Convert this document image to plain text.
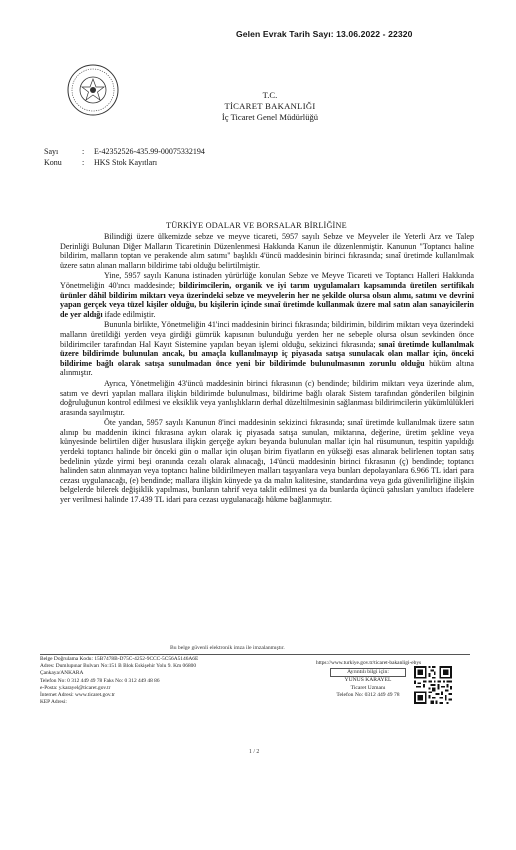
Gelen Evrak Tarih Sayı: 13.06.2022 - 22320
T.C.
TİCARET BAKANLIĞI
İç Ticaret Genel Müdürlüğü
Sayı	: E-42352526-435.99-00075332194
Konu	: HKS Stok Kayıtları
TÜRKİYE ODALAR VE BORSALAR BİRLİĞİNE

Bilindiği üzere ülkemizde sebze ve meyve ticareti, 5957 sayılı Sebze ve Meyveler ile Yeterli Arz ve Talep Derinliği Bulunan Diğer Malların Ticaretinin Düzenlenmesi Hakkında Kanun ile düzenlenmiştir. Kanunun "Toptancı haline bildirim, malların toptan ve perakende alım satımı" başlıklı 4'üncü maddesinin birinci fıkrasında; sınaî üretimde kullanılmak üzere satın alınan malların bildirime tabi olduğu belirtilmiştir.

Yine, 5957 sayılı Kanuna istinaden yürürlüğe konulan Sebze ve Meyve Ticareti ve Toptancı Halleri Hakkında Yönetmeliğin 40'ıncı maddesinde; bildirimcilerin, organik ve iyi tarım uygulamaları kapsamında üretilen sertifikalı ürünler dâhil bildirim miktarı veya üzerindeki sebze ve meyvelerin her ne şekilde olursa olsun alımı, satımı ve devrini yapan gerçek veya tüzel kişiler olduğu, bu kişilerin içinde sınaî üretimde kullanmak üzere mal satın alan sanayicilerin de yer aldığı ifade edilmiştir.

Bununla birlikte, Yönetmeliğin 41'inci maddesinin birinci fıkrasında; bildirimin, bildirim miktarı veya üzerindeki malların üretildiği yerden veya girdiği gümrük kapısının bulunduğu yerden her ne sebeple olursa olsun sevkinden önce bildirimciler tarafından Hal Kayıt Sistemine yapılan beyan işlemi olduğu, sekizinci fıkrasında; sınaî üretimde kullanılmak üzere bildirimde bulunulan ancak, bu amaçla kullanılmayıp iç piyasada satışa sunulacak olan mallar için, önceki bildirime bağlı olarak satışa sunulmadan önce yeni bir bildirimde bulunulmasının zorunlu olduğu hüküm altına alınmıştır.

Ayrıca, Yönetmeliğin 43'üncü maddesinin birinci fıkrasının (c) bendinde; bildirim miktarı veya üzerinde alım, satım ve devri yapılan mallara ilişkin bildirimde bulunulması, bildirime bağlı olarak Sistem tarafından gönderilen bilginin doğruluğunun kontrol edilmesi ve eksiklik veya yanlışlıkların derhal düzeltilmesinin sağlanması bildirimcilerin yükümlülükleri arasında sayılmıştır.

Öte yandan, 5957 sayılı Kanunun 8'inci maddesinin sekizinci fıkrasında; sınaî üretimde kullanılmak üzere satın alınıp bu maddenin ikinci fıkrasına aykırı olarak iç piyasada satışa sunulan, miktarına, değerine, üretim şekline veya künyesinde belirtilen diğer hususlara ilişkin gerçeğe aykırı beyanda bulunulan mallar için hal rüsumunun, tespitin yapıldığı yerdeki toptancı halinde bir önceki gün o mallar için oluşan birim fiyatların en yükseği esas alınarak belirlenen toptan satış bedelinin yüzde yirmi beşi oranında cezalı olarak alınacağı, 14'üncü maddesinin birinci fıkrasının (ç) bendinde; toptancı halinden satın alınmayan veya toptancı haline bildirilmeyen malları taşıyanlara veya bunları depolayanlara 6.966 TL idari para cezası uygulanacağı, (e) bendinde; mallara ilişkin künyede ya da malın kalitesine, standardına veya gıda güvenilirliğine ilişkin belgelerde bilerek değişiklik yapılması, bunların tahrif veya taklit edilmesi ya da bunlarda üçüncü şahısları yanıltıcı ifadelere yer verilmesi halinde 17.439 TL idari para cezası uygulanacağı hükme bağlanmıştır.

Bu belge güvenli elektronik imza ile imzalanmıştır.
Belge Doğrulama Kodu: 15B7478B-D75C-4252-9CCC-5C56A5146A6E
Adres: Dumlupınar Bulvarı No:151 B Blok Eskişehir Yolu 9. Km 06800 Çankaya/ANKARA
Telefon No: 0 312 449 49 78 Faks No: 0 312 449 48 86
e-Posta: y.karayel@ticaret.gov.tr
İnternet Adresi: www.ticaret.gov.tr
KEP Adresi:
https://www.turkiye.gov.tr/ticaret-bakanligi-ebys
Ayrıntılı bilgi için:
YUNUS KARAYEL
Ticaret Uzmanı
Telefon No: 0312 449 49 78
1 / 2
